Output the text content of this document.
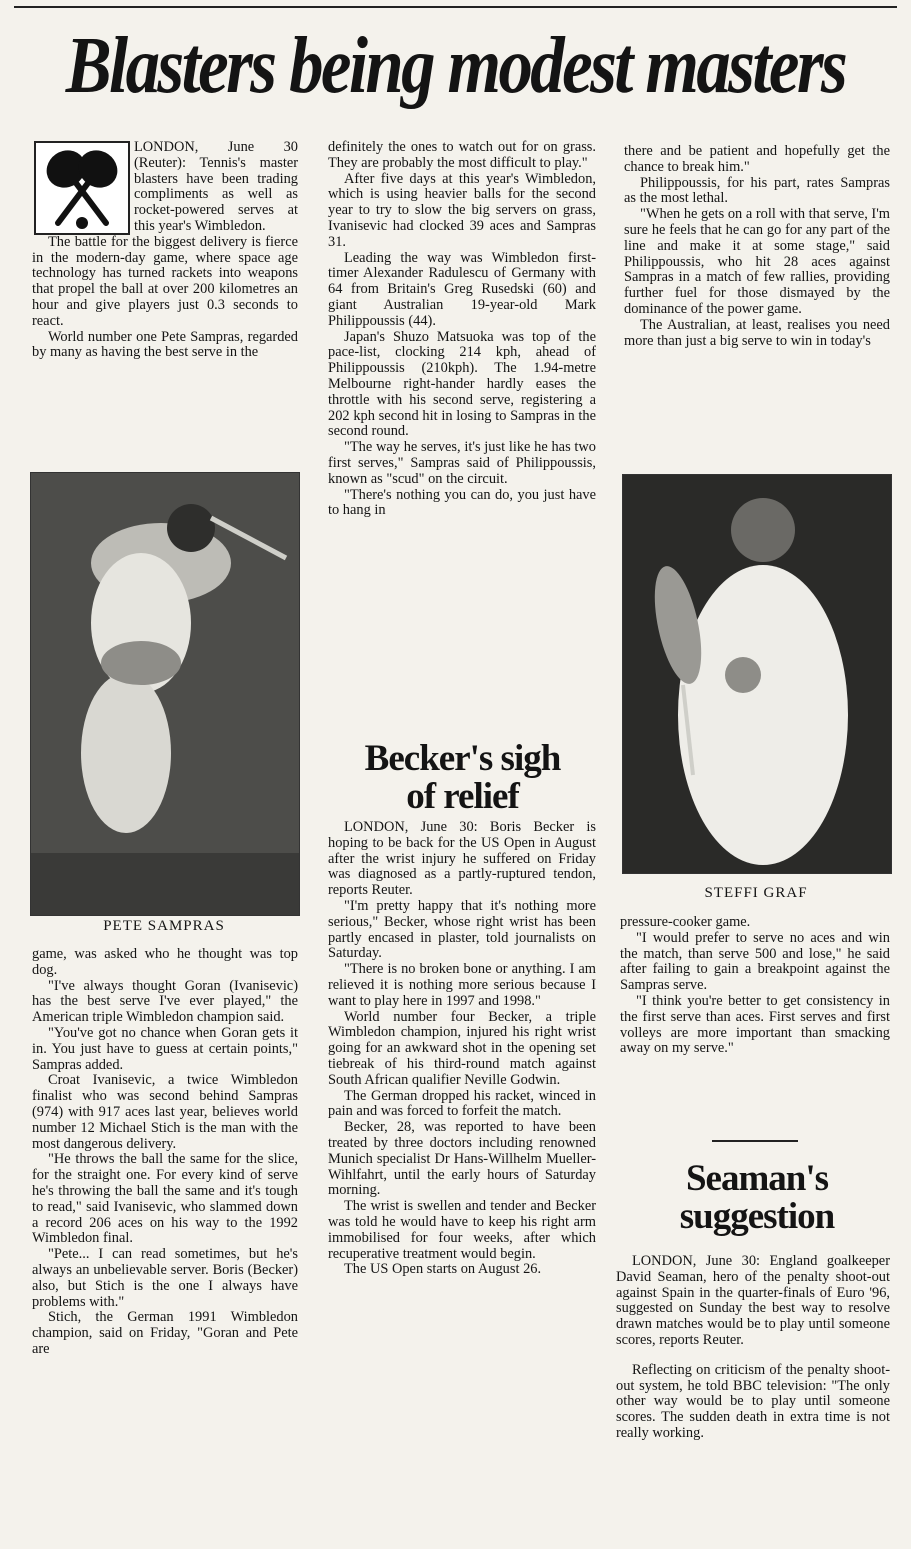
Blasters being modest masters

LONDON, June 30 (Reuter): Tennis's master blasters have been trading compliments as well as rocket-powered serves at this year's Wimbledon.

The battle for the biggest delivery is fierce in the modern-day game, where space age technology has turned rackets into weapons that propel the ball at over 200 kilometres an hour and give players just 0.3 seconds to react.

World number one Pete Sampras, regarded by many as having the best serve in the

PETE SAMPRAS

game, was asked who he thought was top dog.

"I've always thought Goran (Ivanisevic) has the best serve I've ever played," the American triple Wimbledon champion said.

"You've got no chance when Goran gets it in. You just have to guess at certain points," Sampras added.

Croat Ivanisevic, a twice Wimbledon finalist who was second behind Sampras (974) with 917 aces last year, believes world number 12 Michael Stich is the man with the most dangerous delivery.

"He throws the ball the same for the slice, for the straight one. For every kind of serve he's throwing the ball the same and it's tough to read," said Ivanisevic, who slammed down a record 206 aces on his way to the 1992 Wimbledon final.

"Pete... I can read sometimes, but he's always an unbelievable server. Boris (Becker) also, but Stich is the one I always have problems with."

Stich, the German 1991 Wimbledon champion, said on Friday, "Goran and Pete are

definitely the ones to watch out for on grass. They are probably the most difficult to play."

After five days at this year's Wimbledon, which is using heavier balls for the second year to try to slow the big servers on grass, Ivanisevic had clocked 39 aces and Sampras 31.

Leading the way was Wimbledon first-timer Alexander Radulescu of Germany with 64 from Britain's Greg Rusedski (60) and giant Australian 19-year-old Mark Philippoussis (44).

Japan's Shuzo Matsuoka was top of the pace-list, clocking 214 kph, ahead of Philippoussis (210kph). The 1.94-metre Melbourne right-hander hardly eases the throttle with his second serve, registering a 202 kph second hit in losing to Sampras in the second round.

"The way he serves, it's just like he has two first serves," Sampras said of Philippoussis, known as "scud" on the circuit.

"There's nothing you can do, you just have to hang in

Becker's sigh
of relief

LONDON, June 30: Boris Becker is hoping to be back for the US Open in August after the wrist injury he suffered on Friday was diagnosed as a partly-ruptured tendon, reports Reuter.

"I'm pretty happy that it's nothing more serious," Becker, whose right wrist has been partly encased in plaster, told journalists on Saturday.

"There is no broken bone or anything. I am relieved it is nothing more serious because I want to play here in 1997 and 1998."

World number four Becker, a triple Wimbledon champion, injured his right wrist going for an awkward shot in the opening set tiebreak of his third-round match against South African qualifier Neville Godwin.

The German dropped his racket, winced in pain and was forced to forfeit the match.

Becker, 28, was reported to have been treated by three doctors including renowned Munich specialist Dr Hans-Willhelm Mueller-Wihlfahrt, until the early hours of Saturday morning.

The wrist is swellen and tender and Becker was told he would have to keep his right arm immobilised for four weeks, after which recuperative treatment would begin.

The US Open starts on August 26.

there and be patient and hopefully get the chance to break him."

Philippoussis, for his part, rates Sampras as the most lethal.

"When he gets on a roll with that serve, I'm sure he feels that he can go for any part of the line and make it at some stage," said Philippoussis, who hit 28 aces against Sampras in a match of few rallies, providing further fuel for those dismayed by the dominance of the power game.

The Australian, at least, realises you need more than just a big serve to win in today's

STEFFI GRAF

pressure-cooker game.

"I would prefer to serve no aces and win the match, than serve 500 and lose," he said after failing to gain a breakpoint against the Sampras serve.

"I think you're better to get consistency in the first serve than aces. First serves and first volleys are more important than smacking away on my serve."

Seaman's
suggestion

LONDON, June 30: England goalkeeper David Seaman, hero of the penalty shoot-out against Spain in the quarter-finals of Euro '96, suggested on Sunday the best way to resolve drawn matches would be to play until someone scores, reports Reuter.

Reflecting on criticism of the penalty shoot-out system, he told BBC television: "The only other way would be to play until someone scores. The sudden death in extra time is not really working.
